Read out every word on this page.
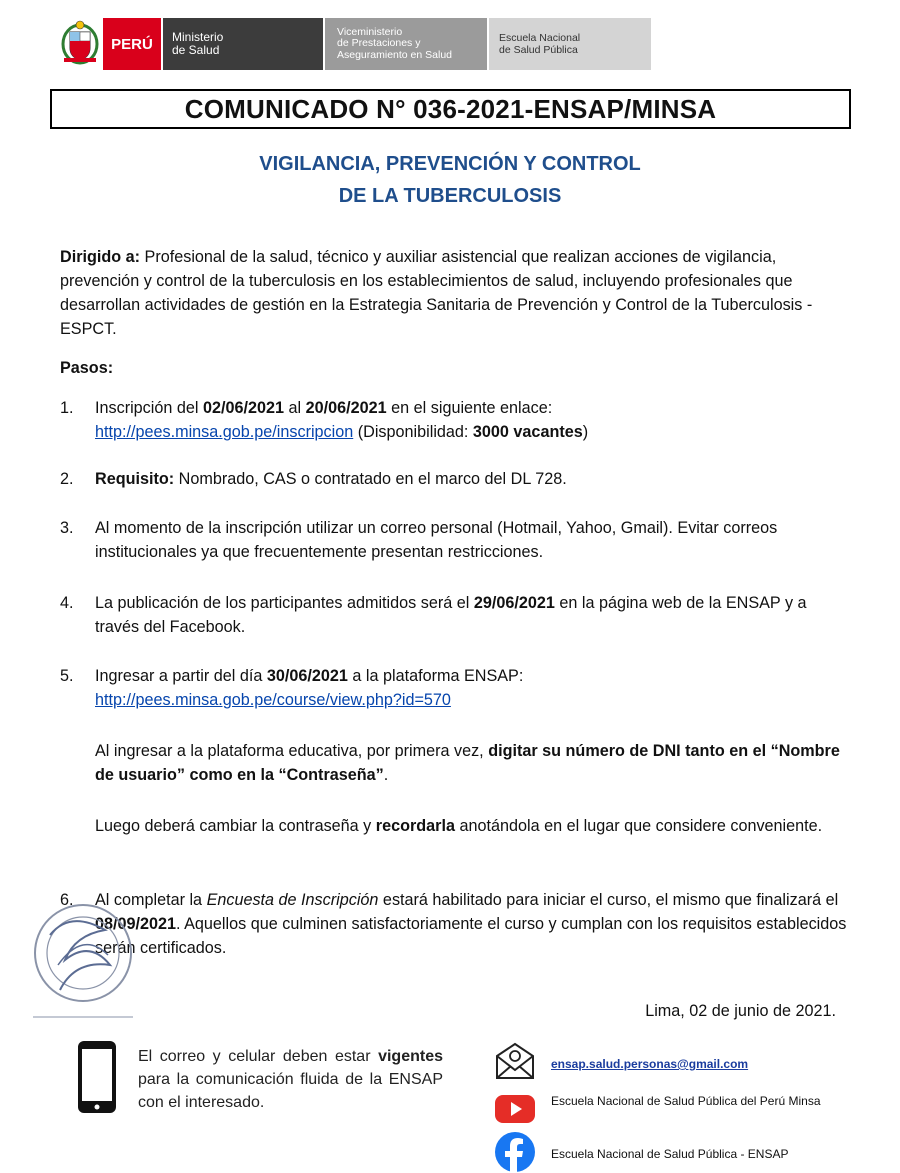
PERÚ Ministerio
de Salud
Viceministerio
de Prestaciones y
Aseguramiento en Salud
Escuela Nacional
de Salud Pública
COMUNICADO N° 036-2021-ENSAP/MINSA
VIGILANCIA, PREVENCIÓN Y CONTROL
DE LA TUBERCULOSIS
Dirigido a: Profesional de la salud, técnico y auxiliar asistencial que realizan acciones de vigilancia, prevención y control de la tuberculosis en los establecimientos de salud, incluyendo profesionales que desarrollan actividades de gestión en la Estrategia Sanitaria de Prevención y Control de la Tuberculosis -ESPCT.
Pasos:
1. Inscripción del 02/06/2021 al 20/06/2021 en el siguiente enlace:
http://pees.minsa.gob.pe/inscripcion (Disponibilidad: 3000 vacantes)
2. Requisito: Nombrado, CAS o contratado en el marco del DL 728.
3. Al momento de la inscripción utilizar un correo personal (Hotmail, Yahoo, Gmail). Evitar correos institucionales ya que frecuentemente presentan restricciones.
4. La publicación de los participantes admitidos será el 29/06/2021 en la página web de la ENSAP y a través del Facebook.
5. Ingresar a partir del día 30/06/2021 a la plataforma ENSAP:
http://pees.minsa.gob.pe/course/view.php?id=570
Al ingresar a la plataforma educativa, por primera vez, digitar su número de DNI tanto en el “Nombre de usuario” como en la “Contraseña”.
Luego deberá cambiar la contraseña y recordarla anotándola en el lugar que considere conveniente.
6. Al completar la Encuesta de Inscripción estará habilitado para iniciar el curso, el mismo que finalizará el 08/09/2021. Aquellos que culminen satisfactoriamente el curso y cumplan con los requisitos establecidos serán certificados.
Lima, 02 de junio de 2021.
El correo y celular deben estar vigentes para la comunicación fluida de la ENSAP con el interesado.
ensap.salud.personas@gmail.com
Escuela Nacional de Salud Pública del Perú Minsa
Escuela Nacional de Salud Pública - ENSAP
